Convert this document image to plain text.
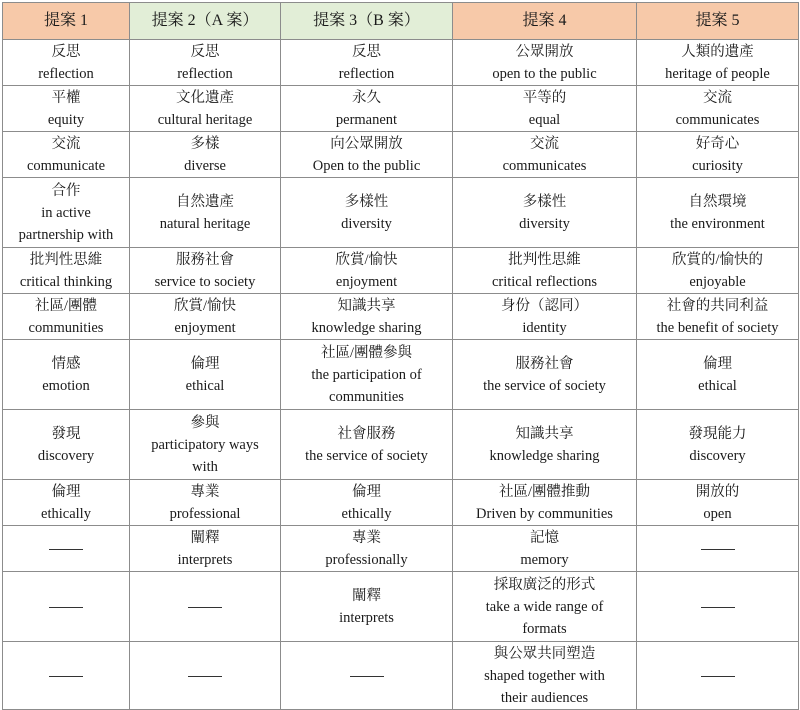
提案 1	提案 2（A 案）	提案 3（B 案）	提案 4	提案 5

反思
reflection	反思
reflection	反思
reflection	公眾開放
open to the public	人類的遺產
heritage of people

平權
equity	文化遺產
cultural heritage	永久
permanent	平等的
equal	交流
communicates

交流
communicate	多樣
diverse	向公眾開放
Open to the public	交流
communicates	好奇心
curiosity

合作
in active
partnership with	自然遺產
natural heritage	多樣性
diversity	多樣性
diversity	自然環境
the environment

批判性思維
critical thinking	服務社會
service to society	欣賞/愉快
enjoyment	批判性思維
critical reflections	欣賞的/愉快的
enjoyable

社區/團體
communities	欣賞/愉快
enjoyment	知識共享
knowledge sharing	身份（認同）
identity	社會的共同利益
the benefit of society

情感
emotion	倫理
ethical	社區/團體參與
the participation of
communities	服務社會
the service of society	倫理
ethical

發現
discovery	參與
participatory ways
with	社會服務
the service of society	知識共享
knowledge sharing	發現能力
discovery

倫理
ethically	專業
professional	倫理
ethically	社區/團體推動
Driven by communities	開放的
open

	闡釋
interprets	專業
professionally	記憶
memory	

		闡釋
interprets	採取廣泛的形式
take a wide range of
formats	

			與公眾共同塑造
shaped together with
their audiences	
